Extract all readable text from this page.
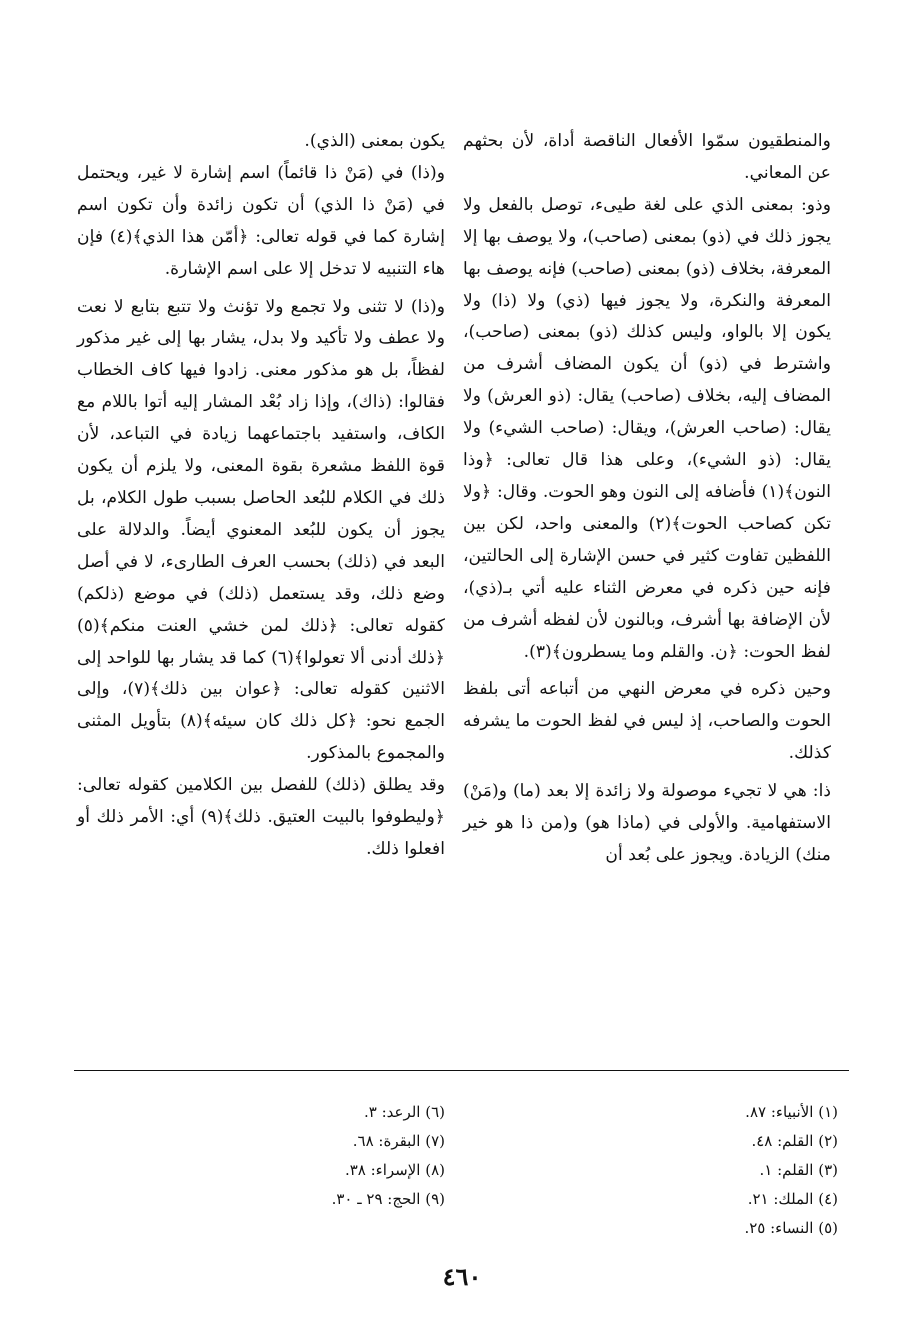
والمنطقيون سمّوا الأفعال الناقصة أداة، لأن بحثهم عن المعاني.

وذو: بمعنى الذي على لغة طيىء، توصل بالفعل ولا يجوز ذلك في (ذو) بمعنى (صاحب)، ولا يوصف بها إلا المعرفة، بخلاف (ذو) بمعنى (صاحب) فإنه يوصف بها المعرفة والنكرة، ولا يجوز فيها (ذي) ولا (ذا) ولا يكون إلا بالواو، وليس كذلك (ذو) بمعنى (صاحب)، واشترط في (ذو) أن يكون المضاف أشرف من المضاف إليه، بخلاف (صاحب) يقال: (ذو العرش) ولا يقال: (صاحب العرش)، ويقال: (صاحب الشيء) ولا يقال: (ذو الشيء)، وعلى هذا قال تعالى: ﴿وذا النون﴾(١) فأضافه إلى النون وهو الحوت. وقال: ﴿ولا تكن كصاحب الحوت﴾(٢) والمعنى واحد، لكن بين اللفظين تفاوت كثير في حسن الإشارة إلى الحالتين، فإنه حين ذكره في معرض الثناء عليه أتي بـ(ذي)، لأن الإضافة بها أشرف، وبالنون لأن لفظه أشرف من لفظ الحوت: ﴿ن. والقلم وما يسطرون﴾(٣).

وحين ذكره في معرض النهي من أتباعه أتى بلفظ الحوت والصاحب، إذ ليس في لفظ الحوت ما يشرفه كذلك.

ذا: هي لا تجيء موصولة ولا زائدة إلا بعد (ما) و(مَنْ) الاستفهامية. والأولى في (ماذا هو) و(من ذا هو خير منك) الزيادة. ويجوز على بُعد أن

يكون بمعنى (الذي).

و(ذا) في (مَنْ ذا قائماً) اسم إشارة لا غير، ويحتمل في (مَنْ ذا الذي) أن تكون زائدة وأن تكون اسم إشارة كما في قوله تعالى: ﴿أمّن هذا الذي﴾(٤) فإن هاء التنبيه لا تدخل إلا على اسم الإشارة.

و(ذا) لا تثنى ولا تجمع ولا تؤنث ولا تتبع بتابع لا نعت ولا عطف ولا تأكيد ولا بدل، يشار بها إلى غير مذكور لفظاً، بل هو مذكور معنى. زادوا فيها كاف الخطاب فقالوا: (ذاك)، وإذا زاد بُعْد المشار إليه أتوا باللام مع الكاف، واستفيد باجتماعهما زيادة في التباعد، لأن قوة اللفظ مشعرة بقوة المعنى، ولا يلزم أن يكون ذلك في الكلام للبُعد الحاصل بسبب طول الكلام، بل يجوز أن يكون للبُعد المعنوي أيضاً. والدلالة على البعد في (ذلك) بحسب العرف الطارىء، لا في أصل وضع ذلك، وقد يستعمل (ذلك) في موضع (ذلكم) كقوله تعالى: ﴿ذلك لمن خشي العنت منكم﴾(٥) ﴿ذلك أدنى ألا تعولوا﴾(٦) كما قد يشار بها للواحد إلى الاثنين كقوله تعالى: ﴿عوان بين ذلك﴾(٧)، وإلى الجمع نحو: ﴿كل ذلك كان سيئه﴾(٨) بتأويل المثنى والمجموع بالمذكور.

وقد يطلق (ذلك) للفصل بين الكلامين كقوله تعالى: ﴿وليطوفوا بالبيت العتيق. ذلك﴾(٩) أي: الأمر ذلك أو افعلوا ذلك.

(١) الأنبياء: ٨٧.
(٢) القلم: ٤٨.
(٣) القلم: ١.
(٤) الملك: ٢١.
(٥) النساء: ٢٥.
(٦) الرعد: ٣.
(٧) البقرة: ٦٨.
(٨) الإسراء: ٣٨.
(٩) الحج: ٢٩ ـ ٣٠.
٤٦٠
